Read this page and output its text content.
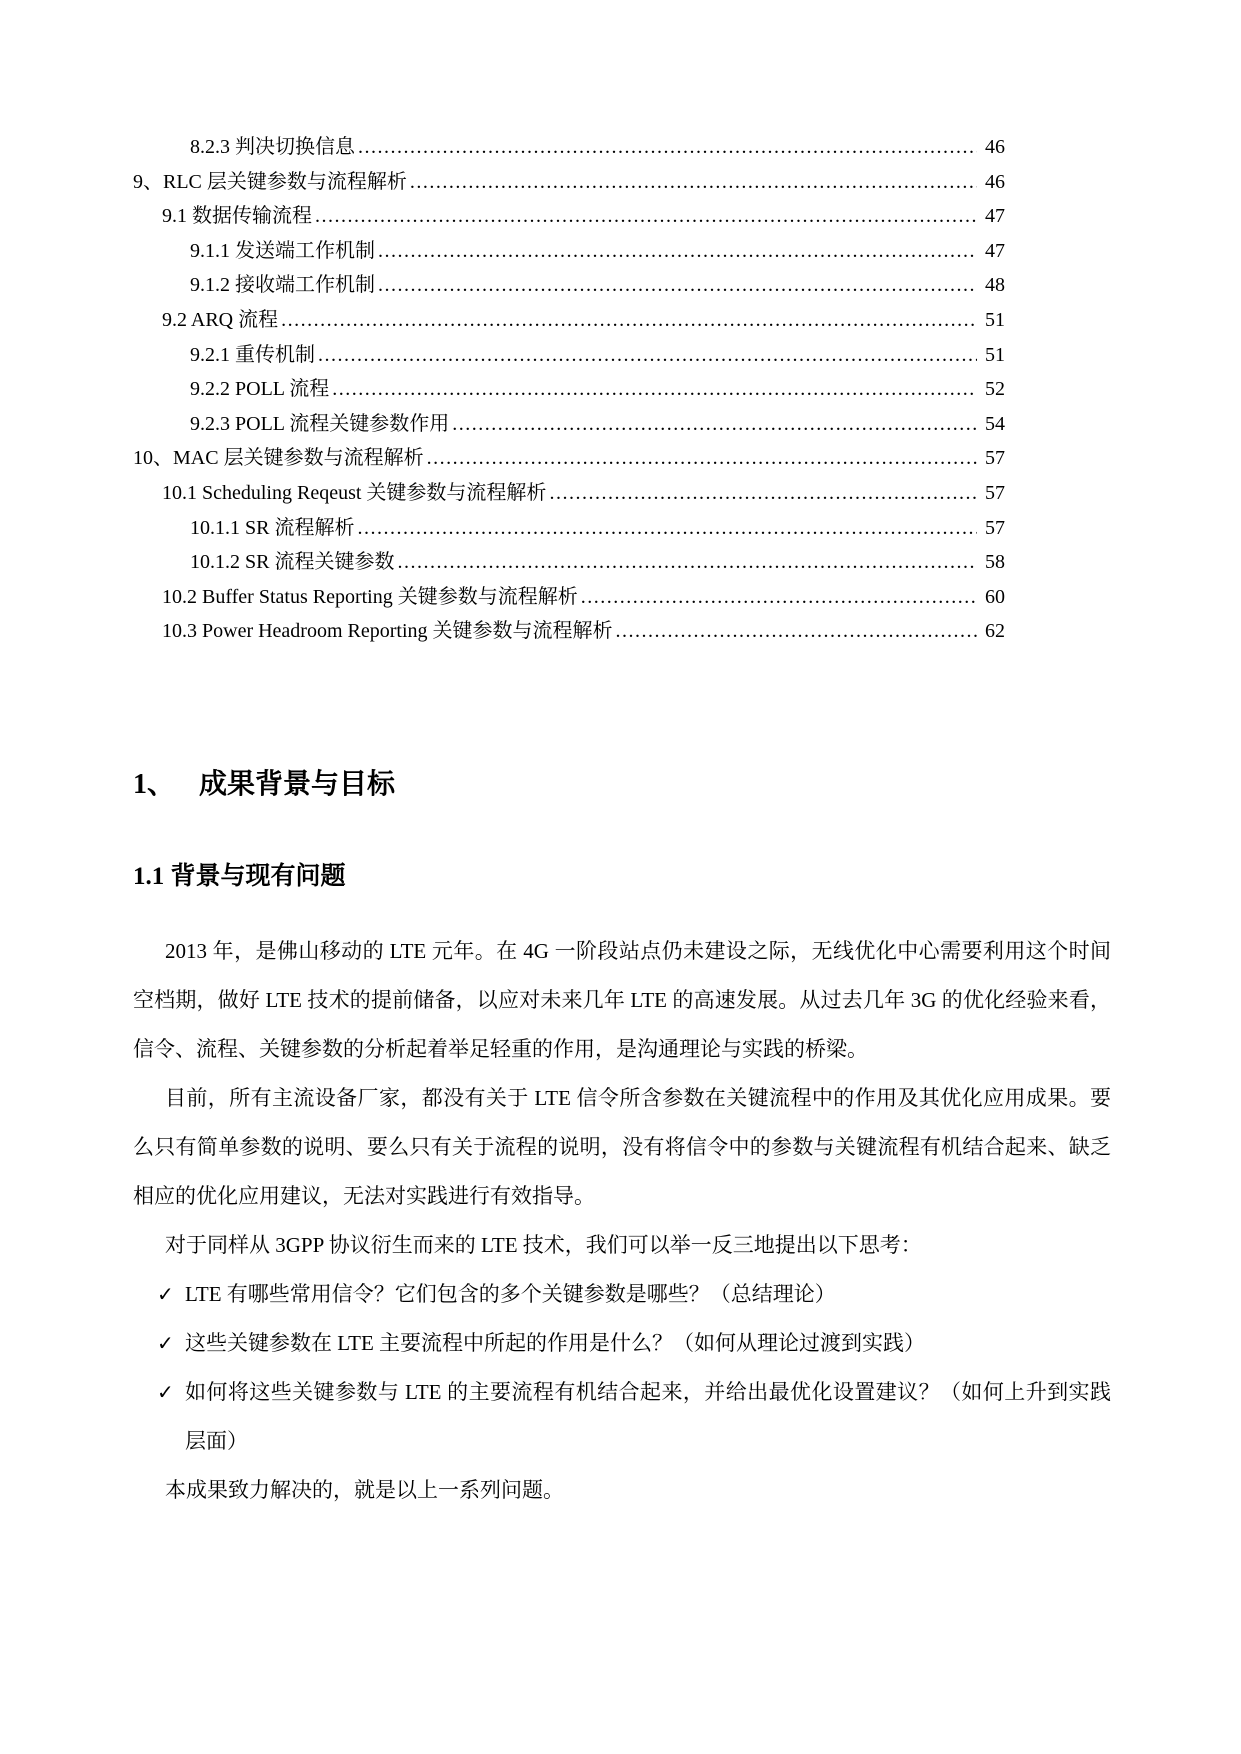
8.2.3 判决切换信息 .....	46
9、RLC 层关键参数与流程解析 .....	46
9.1 数据传输流程 .....	47
9.1.1 发送端工作机制 .....	47
9.1.2 接收端工作机制 .....	48
9.2 ARQ 流程 .....	51
9.2.1 重传机制 .....	51
9.2.2 POLL 流程 .....	52
9.2.3 POLL 流程关键参数作用 .....	54
10、MAC 层关键参数与流程解析 .....	57
10.1 Scheduling Reqeust 关键参数与流程解析 .....	57
10.1.1 SR 流程解析 .....	57
10.1.2 SR 流程关键参数 .....	58
10.2 Buffer Status Reporting 关键参数与流程解析 .....	60
10.3 Power Headroom Reporting 关键参数与流程解析 .....	62
1、 成果背景与目标
1.1 背景与现有问题

2013 年，是佛山移动的 LTE 元年。在 4G 一阶段站点仍未建设之际，无线优化中心需要利用这个时间空档期，做好 LTE 技术的提前储备，以应对未来几年 LTE 的高速发展。从过去几年 3G 的优化经验来看，信令、流程、关键参数的分析起着举足轻重的作用，是沟通理论与实践的桥梁。

目前，所有主流设备厂家，都没有关于 LTE 信令所含参数在关键流程中的作用及其优化应用成果。要么只有简单参数的说明、要么只有关于流程的说明，没有将信令中的参数与关键流程有机结合起来、缺乏相应的优化应用建议，无法对实践进行有效指导。

对于同样从 3GPP 协议衍生而来的 LTE 技术，我们可以举一反三地提出以下思考：

✓ LTE 有哪些常用信令？它们包含的多个关键参数是哪些？（总结理论）
✓ 这些关键参数在 LTE 主要流程中所起的作用是什么？（如何从理论过渡到实践）
✓ 如何将这些关键参数与 LTE 的主要流程有机结合起来，并给出最优化设置建议？（如何上升到实践层面）

本成果致力解决的，就是以上一系列问题。
